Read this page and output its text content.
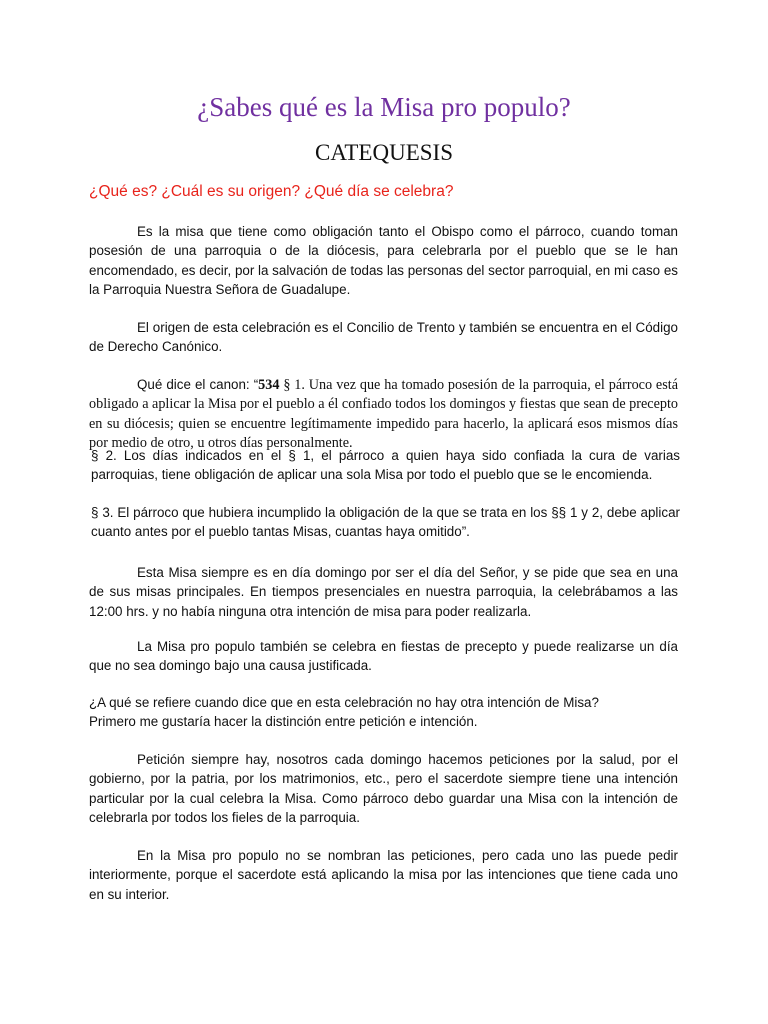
¿Sabes qué es la Misa pro populo?
CATEQUESIS
¿Qué es? ¿Cuál es su origen? ¿Qué día se celebra?

Es la misa que tiene como obligación tanto el Obispo como el párroco, cuando toman posesión de una parroquia o de la diócesis, para celebrarla por el pueblo que se le han encomendado, es decir, por la salvación de todas las personas del sector parroquial, en mi caso es la Parroquia Nuestra Señora de Guadalupe.

El origen de esta celebración es el Concilio de Trento y también se encuentra en el Código de Derecho Canónico.

Qué dice el canon: “534 § 1. Una vez que ha tomado posesión de la parroquia, el párroco está obligado a aplicar la Misa por el pueblo a él confiado todos los domingos y fiestas que sean de precepto en su diócesis; quien se encuentre legítimamente impedido para hacerlo, la aplicará esos mismos días por medio de otro, u otros días personalmente.

§ 2. Los días indicados en el § 1, el párroco a quien haya sido confiada la cura de varias parroquias, tiene obligación de aplicar una sola Misa por todo el pueblo que se le encomienda.

§ 3. El párroco que hubiera incumplido la obligación de la que se trata en los §§ 1 y 2, debe aplicar cuanto antes por el pueblo tantas Misas, cuantas haya omitido”.

Esta Misa siempre es en día domingo por ser el día del Señor, y se pide que sea en una de sus misas principales. En tiempos presenciales en nuestra parroquia, la celebrábamos a las 12:00 hrs. y no había ninguna otra intención de misa para poder realizarla.

La Misa pro populo también se celebra en fiestas de precepto y puede realizarse un día que no sea domingo bajo una causa justificada.

¿A qué se refiere cuando dice que en esta celebración no hay otra intención de Misa?
Primero me gustaría hacer la distinción entre petición e intención.

Petición siempre hay, nosotros cada domingo hacemos peticiones por la salud, por el gobierno, por la patria, por los matrimonios, etc., pero el sacerdote siempre tiene una intención particular por la cual celebra la Misa. Como párroco debo guardar una Misa con la intención de celebrarla por todos los fieles de la parroquia.

En la Misa pro populo no se nombran las peticiones, pero cada uno las puede pedir interiormente, porque el sacerdote está aplicando la misa por las intenciones que tiene cada uno en su interior.
